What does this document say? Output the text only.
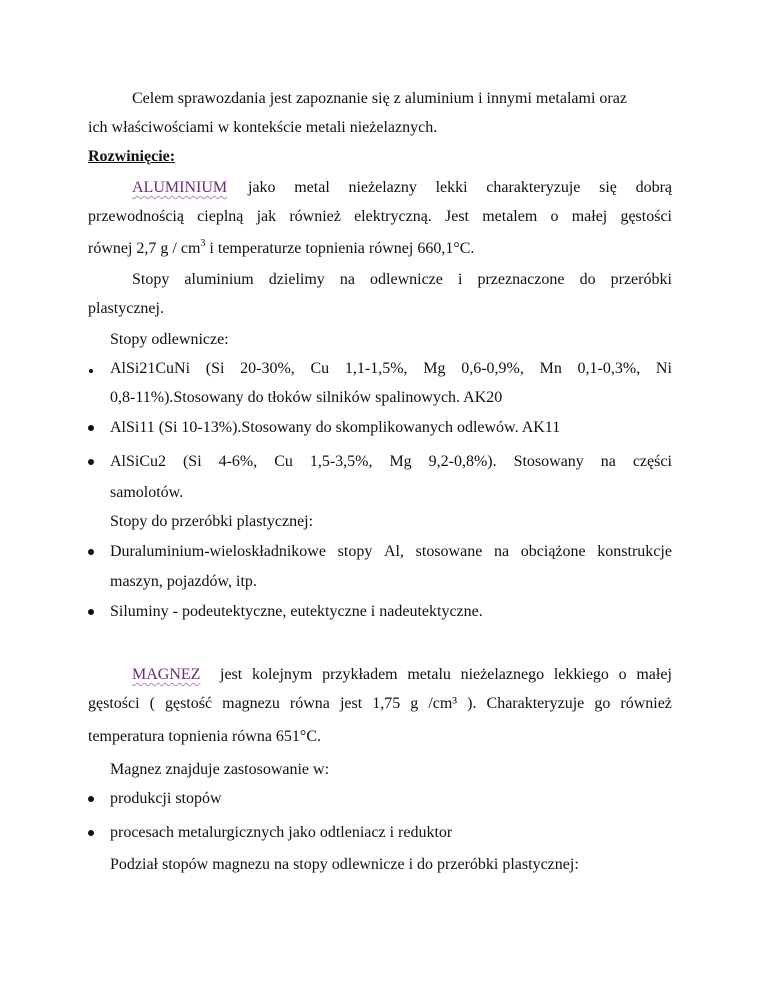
Celem sprawozdania jest zapoznanie się z aluminium i innymi metalami oraz
ich właściwościami w kontekście metali nieżelaznych.
Rozwinięcie:
ALUMINIUM jako metal nieżelazny lekki charakteryzuje się dobrą
przewodnością cieplną jak również elektryczną. Jest metalem o małej gęstości
równej 2,7 g / $cm^3$ i temperaturze topnienia równej 660,1°C.
Stopy aluminium dzielimy na odlewnicze i przeznaczone do przeróbki
plastycznej.
Stopy odlewnicze:
AlSi21CuNi (Si 20-30%, Cu 1,1-1,5%, Mg 0,6-0,9%, Mn 0,1-0,3%, Ni
0,8-11%).Stosowany do tłoków silników spalinowych. AK20
AlSi11 (Si 10-13%).Stosowany do skomplikowanych odlewów. AK11
AlSiCu2 (Si 4-6%, Cu 1,5-3,5%, Mg 9,2-0,8%). Stosowany na części
samolotów.
Stopy do przeróbki plastycznej:
Duraluminium-wieloskładnikowe stopy Al, stosowane na obciążone konstrukcje
maszyn, pojazdów, itp.
Siluminy - podeutektyczne, eutektyczne i nadeutektyczne.
MAGNEZ jest kolejnym przykładem metalu nieżelaznego lekkiego o małej
gęstości ( gęstość magnezu równa jest 1,75 g /cm³ ). Charakteryzuje go również
temperatura topnienia równa 651°C.
Magnez znajduje zastosowanie w:
produkcji stopów
procesach metalurgicznych jako odtleniacz i reduktor
Podział stopów magnezu na stopy odlewnicze i do przeróbki plastycznej:
